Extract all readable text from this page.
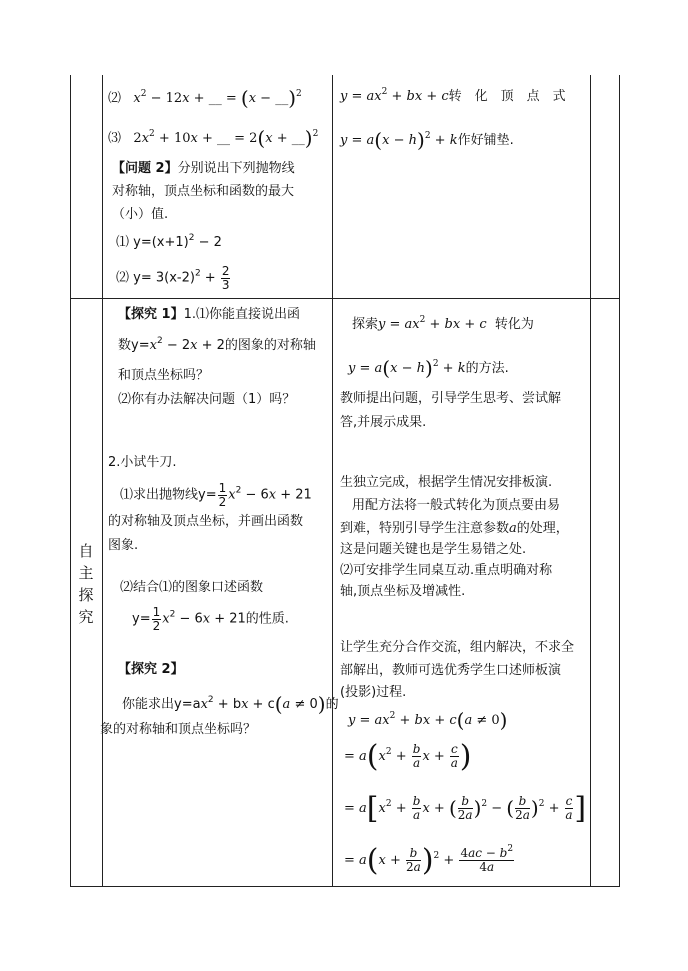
⑵ $x^2 - 12x$ + __ = (x − __)$^2$
⑶ $2x^2 + 10x$ + __ = 2(x + __)$^2$
【问题 2】分别说出下列抛物线
对称轴，顶点坐标和函数的最大
（小）值.
⑴ $y=(x+1)^2 - 2$
⑵ $y= 3(x-2)^2 + \frac{2}{3}$
$y = ax^2$ + bx + c转　化　顶　点　式
$y = a(x - h)^2 + k$作好铺垫.
自
主
探
究
【探究 1】1.⑴你能直接说出函
数$y=x^2 - 2x + 2$的图象的对称轴
和顶点坐标吗？
⑵你有办法解决问题（1）吗？
2.小试牛刀.
⑴求出抛物线$y= \frac{1}{2} x^2 - 6x + 21$
的对称轴及顶点坐标，并画出函数
图象.
⑵结合⑴的图象口述函数
$y= \frac{1}{2} x^2 - 6x + 21$的性质.
【探究 2】
你能求出$y=ax^2$ + bx + c(a ≠ 0)的
象的对称轴和顶点坐标吗？
探索$y = ax^2$ + bx + c 转化为
$y = a(x - h)^2 + k$的方法.
教师提出问题，引导学生思考、尝试解
答,并展示成果.
生独立完成，根据学生情况安排板演.
用配方法将一般式转化为顶点要由易
到难，特别引导学生注意参数a的处理，
这是问题关键也是学生易错之处.
⑵可安排学生同桌互动.重点明确对称
轴,顶点坐标及增减性.
让学生充分合作交流，组内解决，不求全
部解出，教师可选优秀学生口述师板演
(投影)过程.
$y = ax^2$ + bx + c(a ≠ 0)
= $a(x^2 + \frac{b}{a}$ $x + \frac{c}{a}$ )
= $a[x^2 + \frac{b}{a}$ x + ( $\frac{b}{2a} )^2$ − ( $\frac{b}{2a} )^2 + \frac{c}{a}$ ]
= $a(x + \frac{b}{2a} )^2 + \frac{4ac - b^2}{4a}$
